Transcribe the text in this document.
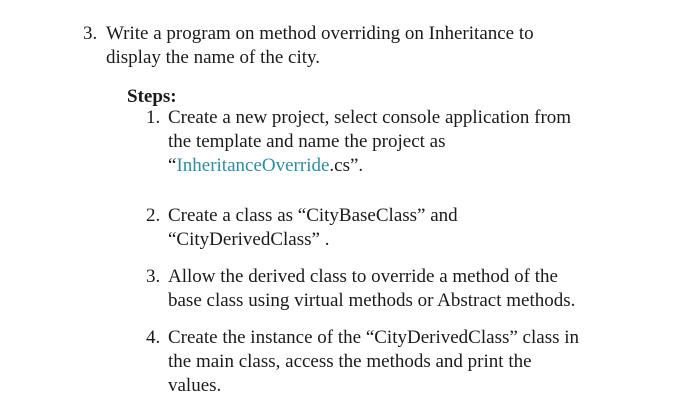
3. Write a program on method overriding on Inheritance to
display the name of the city.
Steps:
1. Create a new project, select console application from
the template and name the project as
“InheritanceOverride.cs”.
2. Create a class as “CityBaseClass” and
“CityDerivedClass” .
3. Allow the derived class to override a method of the
base class using virtual methods or Abstract methods.
4. Create the instance of the “CityDerivedClass” class in
the main class, access the methods and print the
values.
